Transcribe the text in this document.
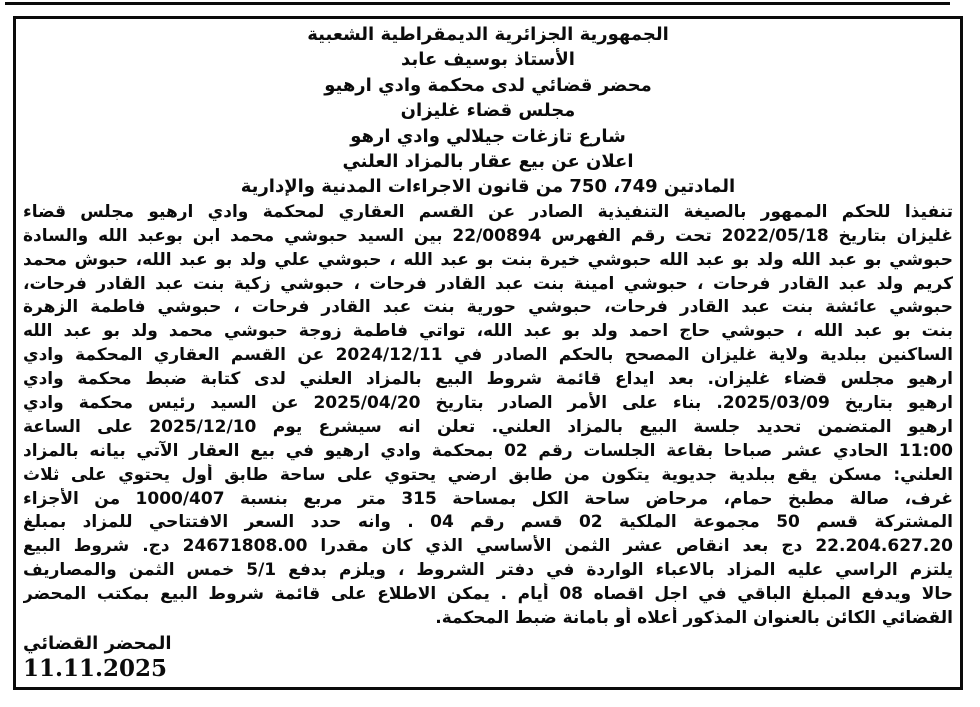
الجمهورية الجزائرية الديمقراطية الشعبية
الأستاذ بوسيف عابد
محضر قضائي لدى محكمة وادي ارهيو
مجلس قضاء غليزان
شارع تازغات جيلالي وادي ارهو
اعلان عن بيع عقار بالمزاد العلني
المادتين 749، 750 من قانون الاجراءات المدنية والإدارية
تنفيذا للحكم الممهور بالصيغة التنفيذية الصادر عن القسم العقاري لمحكمة وادي ارهيو مجلس قضاء
غليزان بتاريخ 2022/05/18 تحت رقم الفهرس 22/00894 بين السيد حبوشي محمد ابن بوعبد الله والسادة
حبوشي بو عبد الله ولد بو عبد الله حبوشي خيرة بنت بو عبد الله ، حبوشي علي ولد بو عبد الله، حبوش محمد
كريم ولد عبد القادر فرحات ، حبوشي امينة بنت عبد القادر فرحات ، حبوشي زكية بنت عبد القادر فرحات،
حبوشي عائشة بنت عبد القادر فرحات، حبوشي حورية بنت عبد القادر فرحات ، حبوشي فاطمة الزهرة
بنت بو عبد الله ، حبوشي حاج احمد ولد بو عبد الله، تواتي فاطمة زوجة حبوشي محمد ولد بو عبد الله
الساكنين ببلدية ولاية غليزان المصحح بالحكم الصادر في 2024/12/11 عن القسم العقاري المحكمة وادي
ارهيو مجلس قضاء غليزان. بعد ايداع قائمة شروط البيع بالمزاد العلني لدى كتابة ضبط محكمة وادي
ارهيو بتاريخ 2025/03/09. بناء على الأمر الصادر بتاريخ 2025/04/20 عن السيد رئيس محكمة وادي
ارهيو المتضمن تحديد جلسة البيع بالمزاد العلني. تعلن انه سيشرع يوم 2025/12/10 على الساعة
11:00 الحادي عشر صباحا بقاعة الجلسات رقم 02 بمحكمة وادي ارهيو في بيع العقار الآتي بيانه بالمزاد
العلني: مسكن يقع ببلدية جديوية يتكون من طابق ارضي يحتوي على ساحة طابق أول يحتوي على ثلاث
غرف، صالة مطبخ حمام، مرحاض ساحة الكل بمساحة 315 متر مربع بنسبة 1000/407 من الأجزاء
المشتركة قسم 50 مجموعة الملكية 02 قسم رقم 04 . وانه حدد السعر الافتتاحي للمزاد بمبلغ
22.204.627.20 دج بعد انقاص عشر الثمن الأساسي الذي كان مقدرا 24671808.00 دج. شروط البيع
يلتزم الراسي عليه المزاد بالاعباء الواردة في دفتر الشروط ، ويلزم بدفع 5/1 خمس الثمن والمصاريف
حالا ويدفع المبلغ الباقي في اجل اقصاه 08 أيام . يمكن الاطلاع على قائمة شروط البيع بمكتب المحضر
القضائي الكائن بالعنوان المذكور أعلاه أو بامانة ضبط المحكمة.
المحضر القضائي
11.11.2025
